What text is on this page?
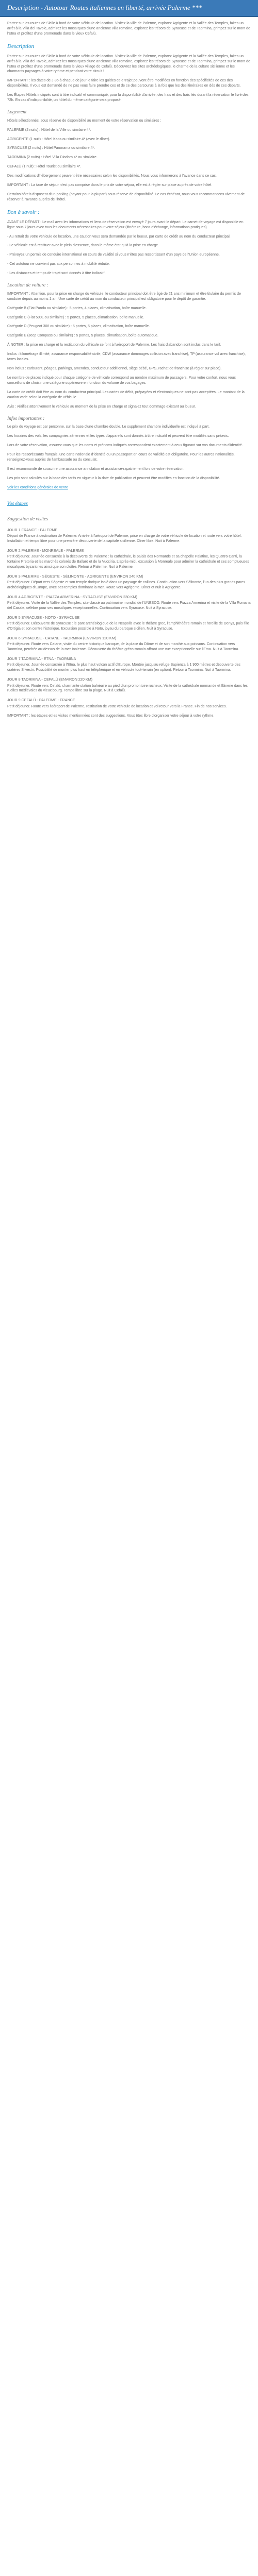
Description - Autotour Routes italiennes en liberté, arrivée Palerme ***

Partez sur les routes de Sicile à bord de votre véhicule de location. Visitez la ville de Palerme, explorez Agrigente et la Vallée des Temples, faites un arrêt à la Villa del Tavole, admirez les mosaïques d'une ancienne villa romaine, explorez les trésors de Syracuse et de Taormina, grimpez sur le mont de l'Etna et profitez d'une promenade dans le vieux Cefalù.

Description

Partez sur les routes de Sicile à bord de votre véhicule de location. Visitez la ville de Palerme, explorez Agrigente et la Vallée des Temples, faites un arrêt à la Villa del Tavole, admirez les mosaïques d'une ancienne villa romaine, explorez les trésors de Syracuse et de Taormina, grimpez sur le mont de l'Etna et profitez d'une promenade dans le vieux village de Cefalù. Découvrez les sites archéologiques, le charme de la culture sicilienne et les charmants paysages à votre rythme et pendant votre circuit !

IMPORTANT : les dates de J-36 à chaque de jour le faire les guides et le trajet peuvent être modifiées en fonction des spécificités de ces des disponibilités. Il vous est demandé de ne pas vous faire prendre ces et de ce des parcourus à la fois que les des itinéraires en dés de ces départs.

Les Étapes Hôtels indiqués sont à titre indicatif et communiqué, pour la disponibilité d'arrivée, des frais et des frais liés durant la réservation le livré des 72h. En cas d'indisponibilité, un hôtel du même catégorie sera proposé.

Logement

Hôtels sélectionnés, sous réserve de disponibilité au moment de votre réservation ou similaires :

PALERME (2 nuits) : Hôtel de la Ville ou similaire 4*.

AGRIGENTE (1 nuit) : Hôtel Kaos ou similaire 4* (avec le dîner).

SYRACUSE (2 nuits) : Hôtel Panorama ou similaire 4*.

TAORMINA (2 nuits) : Hôtel Villa Diodoro 4* ou similaire.

CEFALÙ (1 nuit) : Hôtel Tourist ou similaire 4*.

Des modifications d'hébergement peuvent être nécessaires selon les disponibilités. Nous vous informerons à l'avance dans ce cas.

IMPORTANT : La taxe de séjour n'est pas comprise dans le prix de votre séjour, elle est à régler sur place auprès de votre hôtel.

Certains hôtels disposent d'un parking (payant pour la plupart) sous réserve de disponibilité. Le cas échéant, nous vous recommandons vivement de réserver à l'avance auprès de l'hôtel.

Bon à savoir :

AVANT LE DÉPART : Le mail avec les informations et liens de réservation est envoyé 7 jours avant le départ. Le carnet de voyage est disponible en ligne sous 7 jours avec tous les documents nécessaires pour votre séjour (itinéraire, bons d'échange, informations pratiques).

- Au retrait de votre véhicule de location, une caution vous sera demandée par le loueur, par carte de crédit au nom du conducteur principal.

- Le véhicule est à restituer avec le plein d'essence, dans le même état qu'à la prise en charge.

- Prévoyez un permis de conduire international en cours de validité si vous n'êtes pas ressortissant d'un pays de l'Union européenne.

- Cet autotour ne convient pas aux personnes à mobilité réduite.

- Les distances et temps de trajet sont donnés à titre indicatif.

Location de voiture :

IMPORTANT : Attention, pour la prise en charge du véhicule, le conducteur principal doit être âgé de 21 ans minimum et être titulaire du permis de conduire depuis au moins 1 an. Une carte de crédit au nom du conducteur principal est obligatoire pour le dépôt de garantie.

Catégorie B (Fiat Panda ou similaire) : 5 portes, 4 places, climatisation, boîte manuelle.

Catégorie C (Fiat 500L ou similaire) : 5 portes, 5 places, climatisation, boîte manuelle.

Catégorie D (Peugeot 308 ou similaire) : 5 portes, 5 places, climatisation, boîte manuelle.

Catégorie E (Jeep Compass ou similaire) : 5 portes, 5 places, climatisation, boîte automatique.

À NOTER : la prise en charge et la restitution du véhicule se font à l'aéroport de Palerme. Les frais d'abandon sont inclus dans le tarif.

Inclus : kilométrage illimité, assurance responsabilité civile, CDW (assurance dommages collision avec franchise), TP (assurance vol avec franchise), taxes locales.

Non inclus : carburant, péages, parkings, amendes, conducteur additionnel, siège bébé, GPS, rachat de franchise (à régler sur place).

Le nombre de places indiqué pour chaque catégorie de véhicule correspond au nombre maximum de passagers. Pour votre confort, nous vous conseillons de choisir une catégorie supérieure en fonction du volume de vos bagages.

La carte de crédit doit être au nom du conducteur principal. Les cartes de débit, prépayées et électroniques ne sont pas acceptées. Le montant de la caution varie selon la catégorie de véhicule.

Avis : vérifiez attentivement le véhicule au moment de la prise en charge et signalez tout dommage existant au loueur.

Infos importantes :

Le prix du voyage est par personne, sur la base d'une chambre double. Le supplément chambre individuelle est indiqué à part.

Les horaires des vols, les compagnies aériennes et les types d'appareils sont donnés à titre indicatif et peuvent être modifiés sans préavis.

Lors de votre réservation, assurez-vous que les noms et prénoms indiqués correspondent exactement à ceux figurant sur vos documents d'identité.

Pour les ressortissants français, une carte nationale d'identité ou un passeport en cours de validité est obligatoire. Pour les autres nationalités, renseignez-vous auprès de l'ambassade ou du consulat.

Il est recommandé de souscrire une assurance annulation et assistance-rapatriement lors de votre réservation.

Les prix sont calculés sur la base des tarifs en vigueur à la date de publication et peuvent être modifiés en fonction de la disponibilité.

Voir les conditions générales de vente

Vos étapes
Suggestion de visites
JOUR 1 FRANCE - PALERME

Départ de France à destination de Palerme. Arrivée à l'aéroport de Palerme, prise en charge de votre véhicule de location et route vers votre hôtel. Installation et temps libre pour une première découverte de la capitale sicilienne. Dîner libre. Nuit à Palerme.

JOUR 2 PALERME - MONREALE - PALERME

Petit déjeuner. Journée consacrée à la découverte de Palerme : la cathédrale, le palais des Normands et sa chapelle Palatine, les Quattro Canti, la fontaine Pretoria et les marchés colorés de Ballarò et de la Vucciria. L'après-midi, excursion à Monreale pour admirer la cathédrale et ses somptueuses mosaïques byzantines ainsi que son cloître. Retour à Palerme. Nuit à Palerme.

JOUR 3 PALERME - SÉGESTE - SÉLINONTE - AGRIGENTE (ENVIRON 240 KM)

Petit déjeuner. Départ vers Ségeste et son temple dorique isolé dans un paysage de collines. Continuation vers Sélinonte, l'un des plus grands parcs archéologiques d'Europe, avec ses temples dominant la mer. Route vers Agrigente. Dîner et nuit à Agrigente.

JOUR 4 AGRIGENTE - PIAZZA ARMERINA - SYRACUSE (ENVIRON 230 KM)

Petit déjeuner. Visite de la Vallée des Temples, site classé au patrimoine mondial de l'UNESCO. Route vers Piazza Armerina et visite de la Villa Romana del Casale, célèbre pour ses mosaïques exceptionnelles. Continuation vers Syracuse. Nuit à Syracuse.

JOUR 5 SYRACUSE - NOTO - SYRACUSE

Petit déjeuner. Découverte de Syracuse : le parc archéologique de la Neapolis avec le théâtre grec, l'amphithéâtre romain et l'oreille de Denys, puis l'île d'Ortigia et son centre historique. Excursion possible à Noto, joyau du baroque sicilien. Nuit à Syracuse.

JOUR 6 SYRACUSE - CATANE - TAORMINA (ENVIRON 120 KM)

Petit déjeuner. Route vers Catane, visite du centre historique baroque, de la place du Dôme et de son marché aux poissons. Continuation vers Taormina, perchée au-dessus de la mer Ionienne. Découverte du théâtre gréco-romain offrant une vue exceptionnelle sur l'Etna. Nuit à Taormina.

JOUR 7 TAORMINA - ETNA - TAORMINA

Petit déjeuner. Journée consacrée à l'Etna, le plus haut volcan actif d'Europe. Montée jusqu'au refuge Sapienza à 1 900 mètres et découverte des cratères Silvestri. Possibilité de monter plus haut en téléphérique et en véhicule tout-terrain (en option). Retour à Taormina. Nuit à Taormina.

JOUR 8 TAORMINA - CEFALÙ (ENVIRON 220 KM)

Petit déjeuner. Route vers Cefalù, charmante station balnéaire au pied d'un promontoire rocheux. Visite de la cathédrale normande et flânerie dans les ruelles médiévales du vieux bourg. Temps libre sur la plage. Nuit à Cefalù.

JOUR 9 CEFALÙ - PALERME - FRANCE

Petit déjeuner. Route vers l'aéroport de Palerme, restitution de votre véhicule de location et vol retour vers la France. Fin de nos services.

IMPORTANT : les étapes et les visites mentionnées sont des suggestions. Vous êtes libre d'organiser votre séjour à votre rythme.
